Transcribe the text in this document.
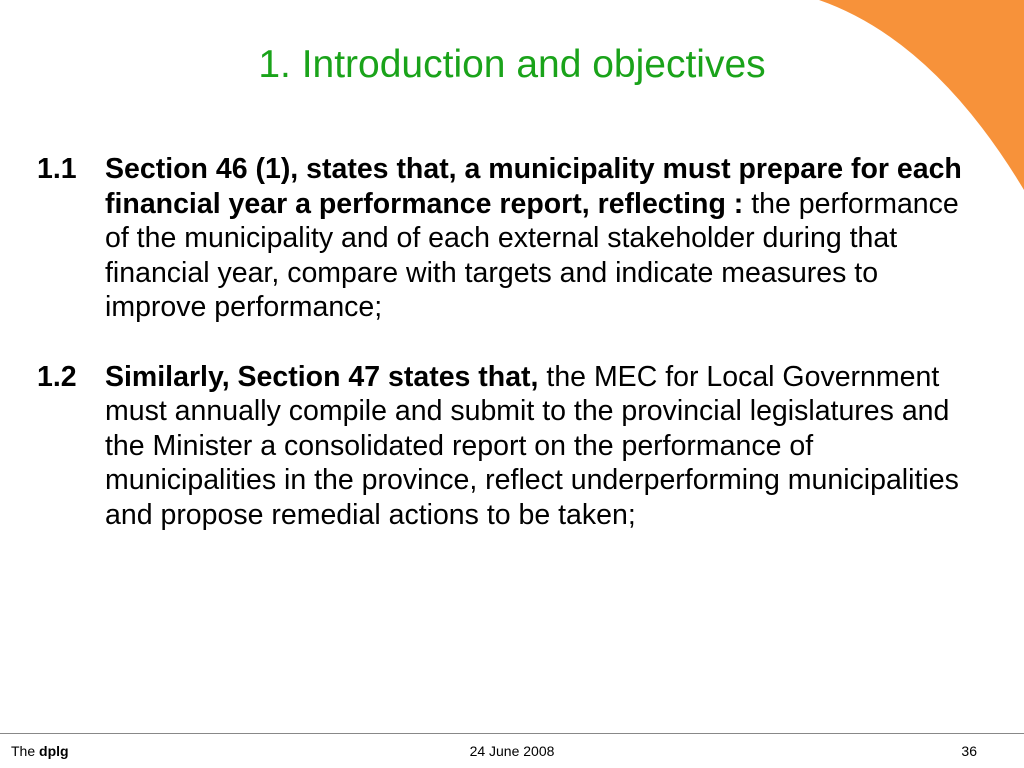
1. Introduction and objectives
1.1 Section 46 (1), states that, a municipality must prepare for each financial year a performance report, reflecting : the performance of the municipality and of each external stakeholder during that financial year, compare with targets and indicate measures to improve performance;
1.2 Similarly, Section 47 states that, the MEC for Local Government must annually compile and submit to the provincial legislatures and the Minister a consolidated report on the performance of municipalities in the province, reflect underperforming municipalities and propose remedial actions to be taken;
The dplg	24 June 2008	36
